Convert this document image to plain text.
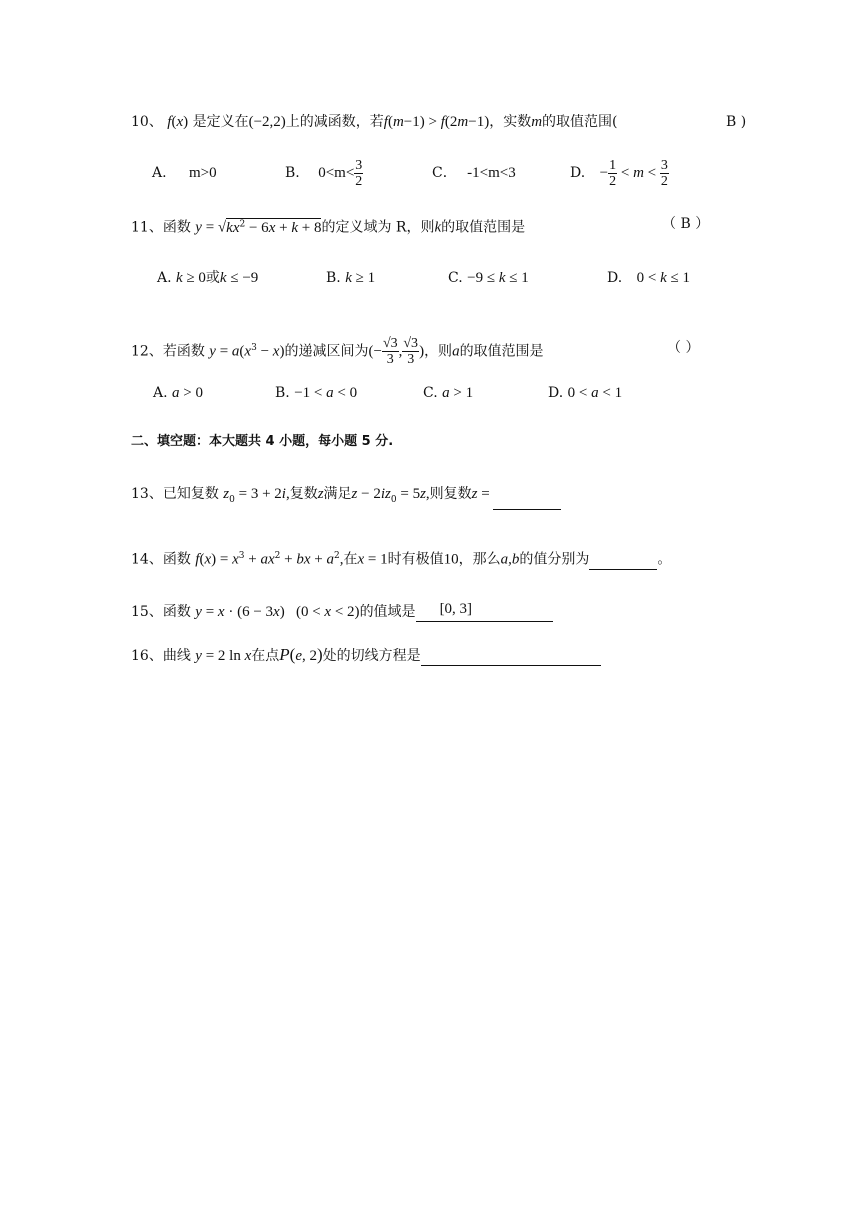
10、 f(x) 是定义在(−2,2)上的减函数，若f(m−1) > f(2m−1)，实数m的取值范围(	B )
A. m>0	B. $0<m< \frac{3}{2}$	C． -1<m<3	D. − $\frac{1}{2} < m < \frac{3}{2}$
11、函数 $y = √kx^2 - 6x + k + 8$的定义域为 R，则k的取值范围是	（ B ）
A. k ≥ 0或k ≤ −9	B. k ≥ 1	C. −9 ≤ k ≤ 1	D. 0 < k ≤ 1
12、若函数 $y = a(x^3 - x)$的递减区间为(− $\frac{√3}{3}$ , $\frac{√3}{3}$ )，则a的取值范围是	（ ）
A. a > 0	B. −1 < a < 0	C. a > 1	D. 0 < a < 1
二、填空题：本大题共 4 小题，每小题 5 分.
13、已知复数 $z_0 = 3 + 2i$,复数z满足$z - 2iz_0 = 5z$,则复数z =
14、函数 $f(x) = x^3 + ax^2$ + bx + $a^2$,在x = 1时有极值10，那么a,b的值分别为	。
15、函数 y = x · (6 − 3x)   (0 < x < 2)的值域是 [0, 3]
16、曲线 y = 2 ln x在点P(e, 2)处的切线方程是
